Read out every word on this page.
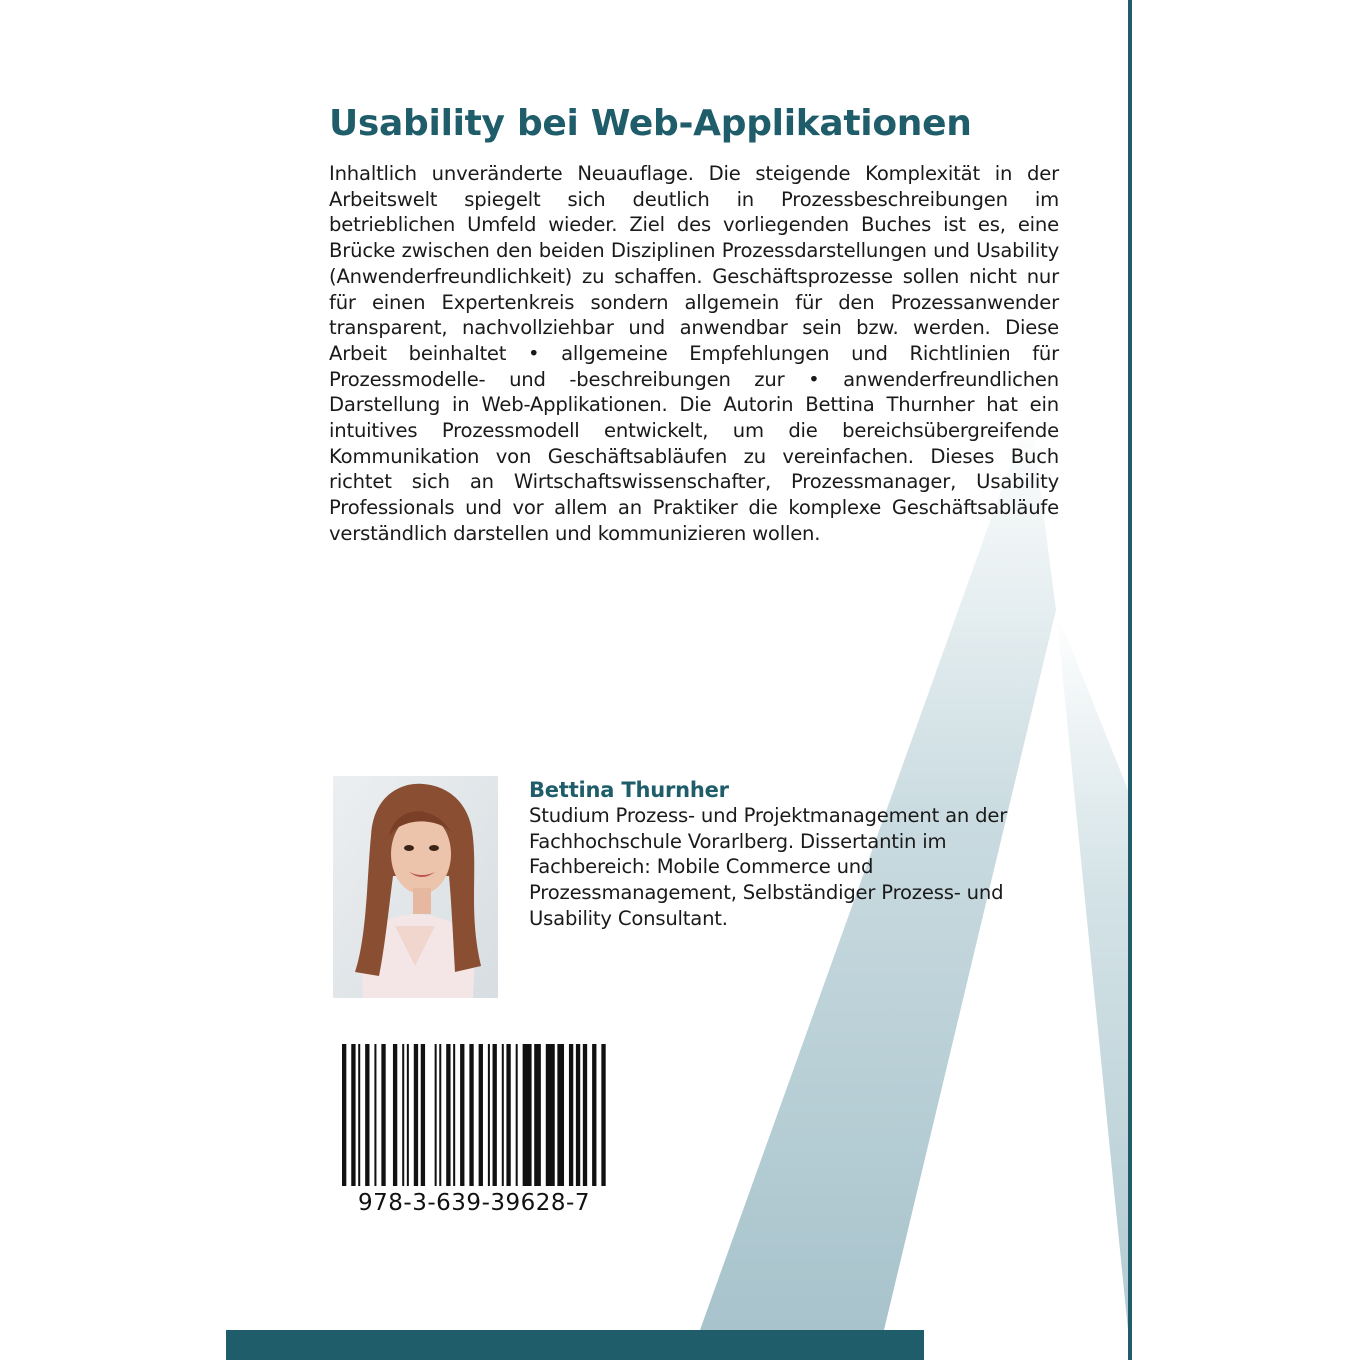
Usability bei Web-Applikationen

Inhaltlich unveränderte Neuauflage. Die steigende Komplexität in der Arbeitswelt spiegelt sich deutlich in Prozessbeschreibungen im betrieblichen Umfeld wieder. Ziel des vorliegenden Buches ist es, eine Brücke zwischen den beiden Disziplinen Prozessdarstellungen und Usability (Anwenderfreundlichkeit) zu schaffen. Geschäftsprozesse sollen nicht nur für einen Expertenkreis sondern allgemein für den Prozessanwender transparent, nachvollziehbar und anwendbar sein bzw. werden. Diese Arbeit beinhaltet • allgemeine Empfehlungen und Richtlinien für Prozessmodelle- und -beschreibungen zur • anwenderfreundlichen Darstellung in Web-Applikationen. Die Autorin Bettina Thurnher hat ein intuitives Prozessmodell entwickelt, um die bereichsübergreifende Kommunikation von Geschäftsabläufen zu vereinfachen. Dieses Buch richtet sich an Wirtschaftswissenschafter, Prozessmanager, Usability Professionals und vor allem an Praktiker die komplexe Geschäftsabläufe verständlich darstellen und kommunizieren wollen.

Bettina Thurnher

Studium Prozess- und Projektmanagement an der Fachhochschule Vorarlberg. Dissertantin im Fachbereich: Mobile Commerce und Prozessmanagement, Selbständiger Prozess- und Usability Consultant.

978-3-639-39628-7
